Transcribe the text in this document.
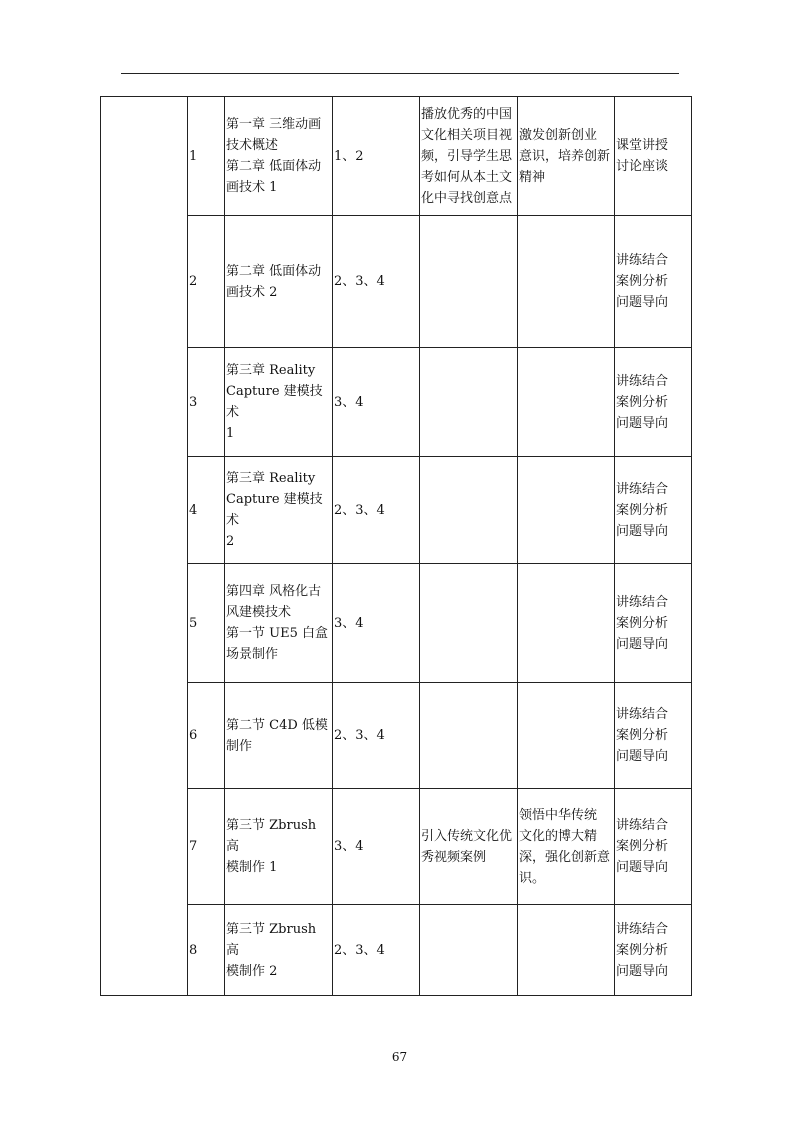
	1	第一章 三维动画
技术概述
第二章 低面体动
画技术 1	1、2	播放优秀的中国
文化相关项目视
频，引导学生思
考如何从本土文
化中寻找创意点	激发创新创业
意识，培养创新
精神	课堂讲授
讨论座谈

	2	第二章 低面体动
画技术 2	2、3、4			讲练结合
案例分析
问题导向

	3	第三章 Reality
Capture 建模技术
1	3、4			讲练结合
案例分析
问题导向

	4	第三章 Reality
Capture 建模技术
2	2、3、4			讲练结合
案例分析
问题导向

	5	第四章 风格化古
风建模技术
第一节 UE5 白盒
场景制作	3、4			讲练结合
案例分析
问题导向

	6	第二节 C4D 低模
制作	2、3、4			讲练结合
案例分析
问题导向

	7	第三节 Zbrush 高
模制作 1	3、4	引入传统文化优
秀视频案例	领悟中华传统
文化的博大精
深，强化创新意
识。	讲练结合
案例分析
问题导向

	8	第三节 Zbrush 高
模制作 2	2、3、4			讲练结合
案例分析
问题导向
67
